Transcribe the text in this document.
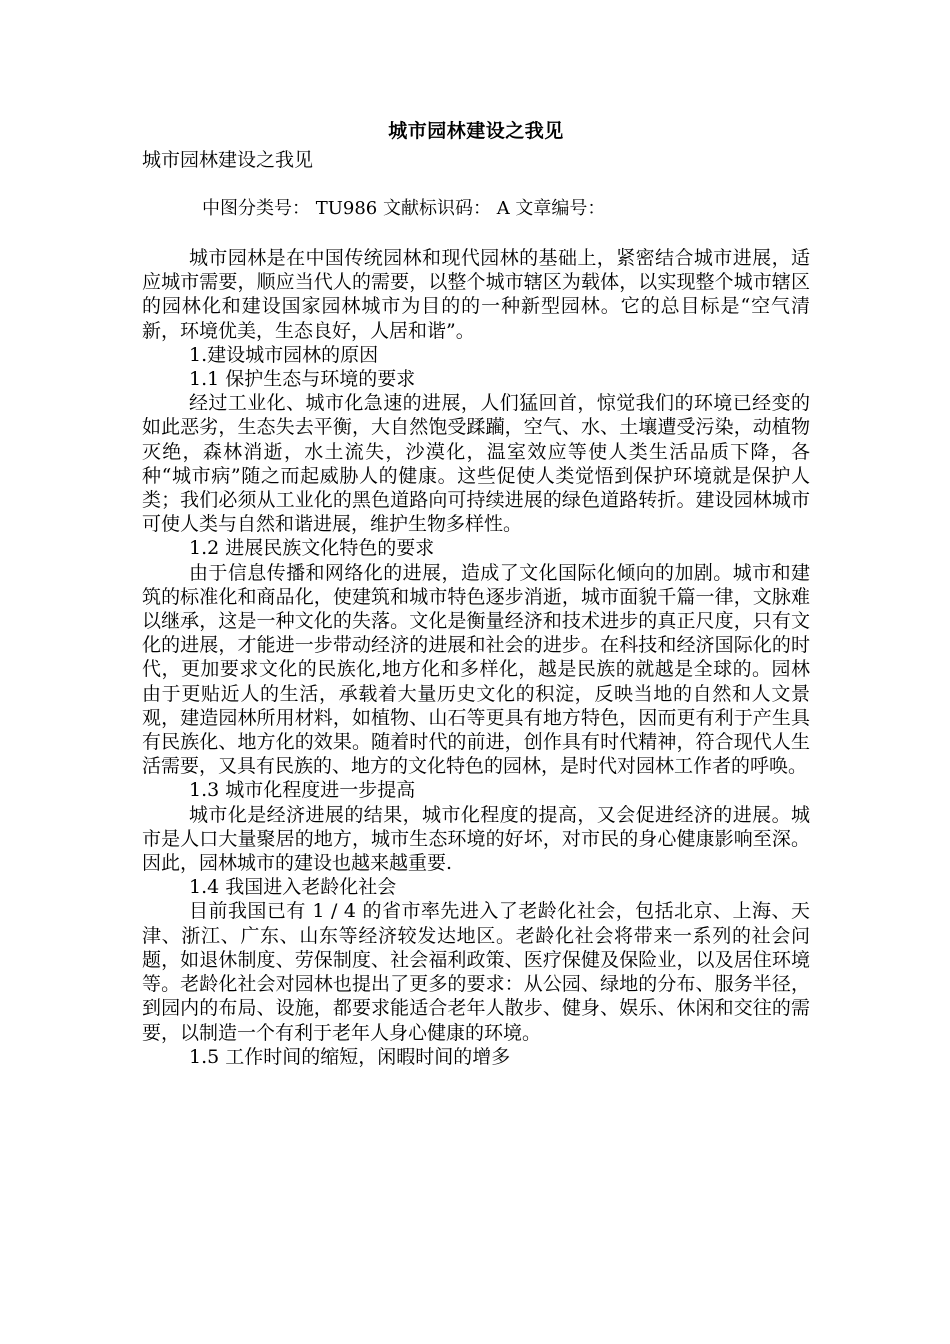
城市园林建设之我见
城市园林建设之我见
中图分类号： TU986 文献标识码： A 文章编号：

城市园林是在中国传统园林和现代园林的基础上，紧密结合城市进展，适应城市需要，顺应当代人的需要，以整个城市辖区为载体，以实现整个城市辖区的园林化和建设国家园林城市为目的的一种新型园林。它的总目标是“空气清新，环境优美，生态良好，人居和谐”。

1.建设城市园林的原因

1.1 保护生态与环境的要求

经过工业化、城市化急速的进展，人们猛回首，惊觉我们的环境已经变的如此恶劣，生态失去平衡，大自然饱受蹂躏，空气、水、土壤遭受污染，动植物灭绝，森林消逝，水土流失，沙漠化，温室效应等使人类生活品质下降，各种“城市病”随之而起威胁人的健康。这些促使人类觉悟到保护环境就是保护人类；我们必须从工业化的黑色道路向可持续进展的绿色道路转折。建设园林城市可使人类与自然和谐进展，维护生物多样性。

1.2 进展民族文化特色的要求

由于信息传播和网络化的进展，造成了文化国际化倾向的加剧。城市和建筑的标准化和商品化，使建筑和城市特色逐步消逝，城市面貌千篇一律，文脉难以继承，这是一种文化的失落。文化是衡量经济和技术进步的真正尺度，只有文化的进展，才能进一步带动经济的进展和社会的进步。在科技和经济国际化的时代，更加要求文化的民族化,地方化和多样化，越是民族的就越是全球的。园林由于更贴近人的生活，承载着大量历史文化的积淀，反映当地的自然和人文景观，建造园林所用材料，如植物、山石等更具有地方特色，因而更有利于产生具有民族化、地方化的效果。随着时代的前进，创作具有时代精神，符合现代人生活需要，又具有民族的、地方的文化特色的园林，是时代对园林工作者的呼唤。

1.3 城市化程度进一步提高

城市化是经济进展的结果，城市化程度的提高，又会促进经济的进展。城市是人口大量聚居的地方，城市生态环境的好坏，对市民的身心健康影响至深。因此，园林城市的建设也越来越重要.

1.4 我国进入老龄化社会

目前我国已有 1 / 4 的省市率先进入了老龄化社会，包括北京、上海、天津、浙江、广东、山东等经济较发达地区。老龄化社会将带来一系列的社会问题，如退休制度、劳保制度、社会福利政策、医疗保健及保险业，以及居住环境等。老龄化社会对园林也提出了更多的要求：从公园、绿地的分布、服务半径，到园内的布局、设施，都要求能适合老年人散步、健身、娱乐、休闲和交往的需要，以制造一个有利于老年人身心健康的环境。

1.5 工作时间的缩短，闲暇时间的增多
